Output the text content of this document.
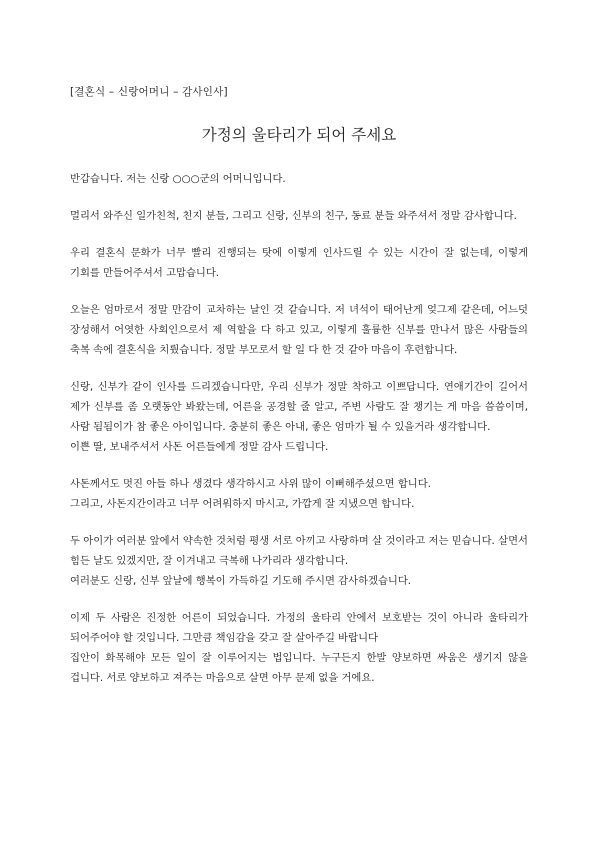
[결혼식 – 신랑어머니 – 감사인사]
가정의 울타리가 되어 주세요

반갑습니다. 저는 신랑 ○○○군의 어머니입니다.

멀리서 와주신 일가친척, 친지 분들, 그리고 신랑, 신부의 친구, 동료 분들 와주셔서 정말 감사합니다.

우리 결혼식 문화가 너무 빨리 진행되는 탓에 이렇게 인사드릴 수 있는 시간이 잘 없는데, 이렇게 기회를 만들어주셔서 고맙습니다.

오늘은 엄마로서 정말 만감이 교차하는 날인 것 같습니다. 저 녀석이 태어난게 엊그제 같은데, 어느덧 장성해서 어엿한 사회인으로서 제 역할을 다 하고 있고, 이렇게 훌륭한 신부를 만나서 많은 사람들의 축복 속에 결혼식을 치뤘습니다. 정말 부모로서 할 일 다 한 것 같아 마음이 후련합니다.

신랑, 신부가 같이 인사를 드리겠습니다만, 우리 신부가 정말 착하고 이쁘답니다. 연애기간이 길어서 제가 신부를 좀 오랫동안 봐왔는데, 어른을 공경할 줄 알고, 주변 사람도 잘 챙기는 게 마음 씀씀이며, 사람 됨됨이가 참 좋은 아이입니다. 충분히 좋은 아내, 좋은 엄마가 될 수 있을거라 생각합니다.

이쁜 딸, 보내주셔서 사돈 어른들에게 정말 감사 드립니다.

사돈께서도 멋진 아들 하나 생겼다 생각하시고 사위 많이 이뻐해주셨으면 합니다.

그리고, 사돈지간이라고 너무 어려워하지 마시고, 가깝게 잘 지냈으면 합니다.

두 아이가 여러분 앞에서 약속한 것처럼 평생 서로 아끼고 사랑하며 살 것이라고 저는 믿습니다. 살면서 힘든 날도 있겠지만, 잘 이겨내고 극복해 나가리라 생각합니다.

여러분도 신랑, 신부 앞날에 행복이 가득하길 기도해 주시면 감사하겠습니다.

이제 두 사람은 진정한 어른이 되었습니다. 가정의 울타리 안에서 보호받는 것이 아니라 울타리가 되어주어야 할 것입니다. 그만큼 책임감을 갖고 잘 살아주길 바랍니다

집안이 화목해야 모든 일이 잘 이루어지는 법입니다. 누구든지 한발 양보하면 싸움은 생기지 않을 겁니다. 서로 양보하고 져주는 마음으로 살면 아무 문제 없을 거에요.
